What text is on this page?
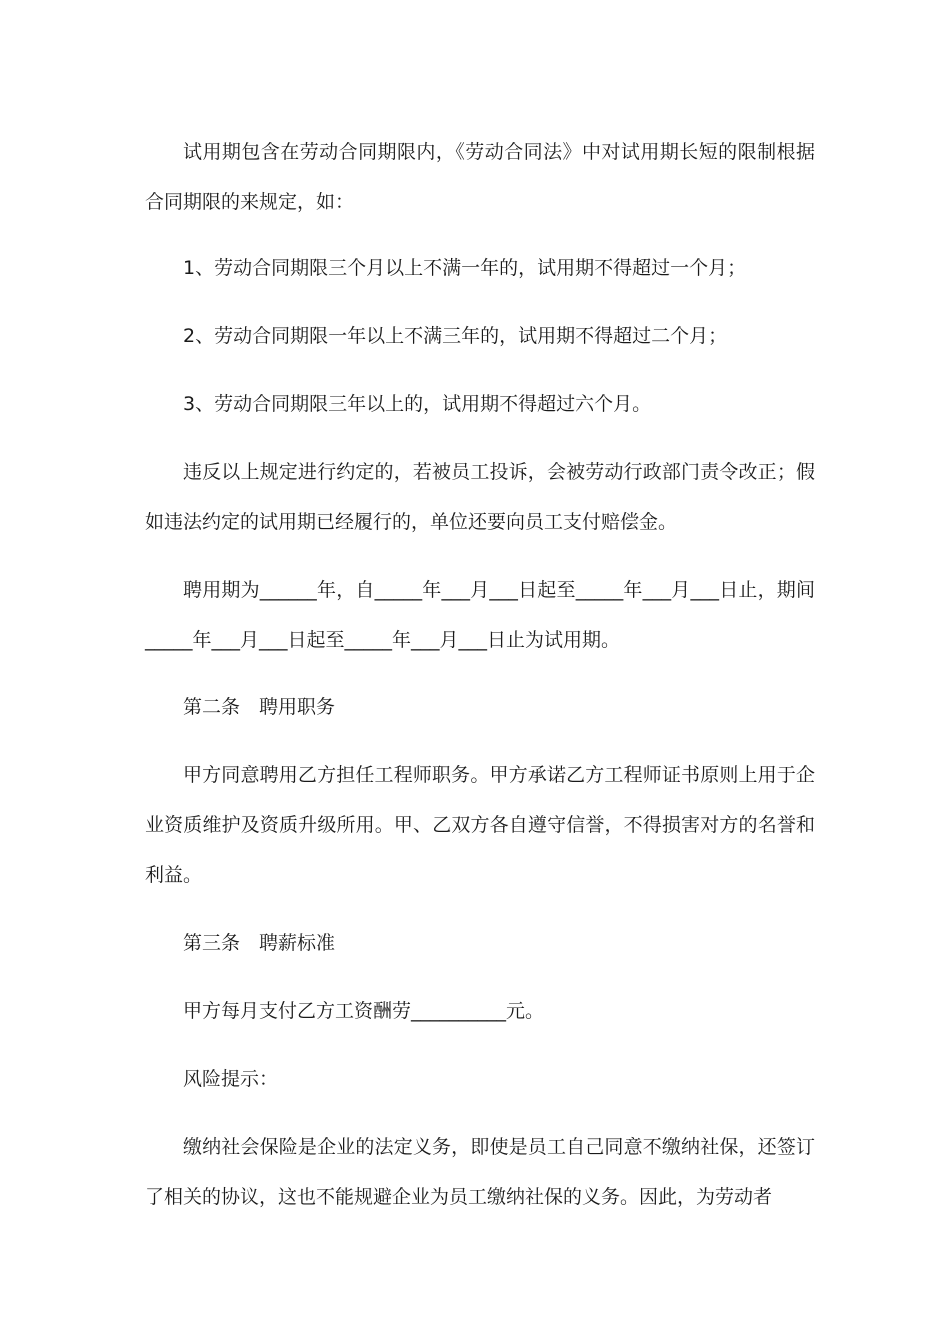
试用期包含在劳动合同期限内，《劳动合同法》中对试用期长短的限制根据合同期限的来规定，如：

1、劳动合同期限三个月以上不满一年的，试用期不得超过一个月；

2、劳动合同期限一年以上不满三年的，试用期不得超过二个月；

3、劳动合同期限三年以上的，试用期不得超过六个月。

违反以上规定进行约定的，若被员工投诉，会被劳动行政部门责令改正；假如违法约定的试用期已经履行的，单位还要向员工支付赔偿金。

聘用期为______年，自_____年___月___日起至_____年___月___日止，期间_____年___月___日起至_____年___月___日止为试用期。

第二条　聘用职务

甲方同意聘用乙方担任工程师职务。甲方承诺乙方工程师证书原则上用于企业资质维护及资质升级所用。甲、乙双方各自遵守信誉，不得损害对方的名誉和利益。

第三条　聘薪标准

甲方每月支付乙方工资酬劳__________元。

风险提示：

缴纳社会保险是企业的法定义务，即使是员工自己同意不缴纳社保，还签订了相关的协议，这也不能规避企业为员工缴纳社保的义务。因此，为劳动者
